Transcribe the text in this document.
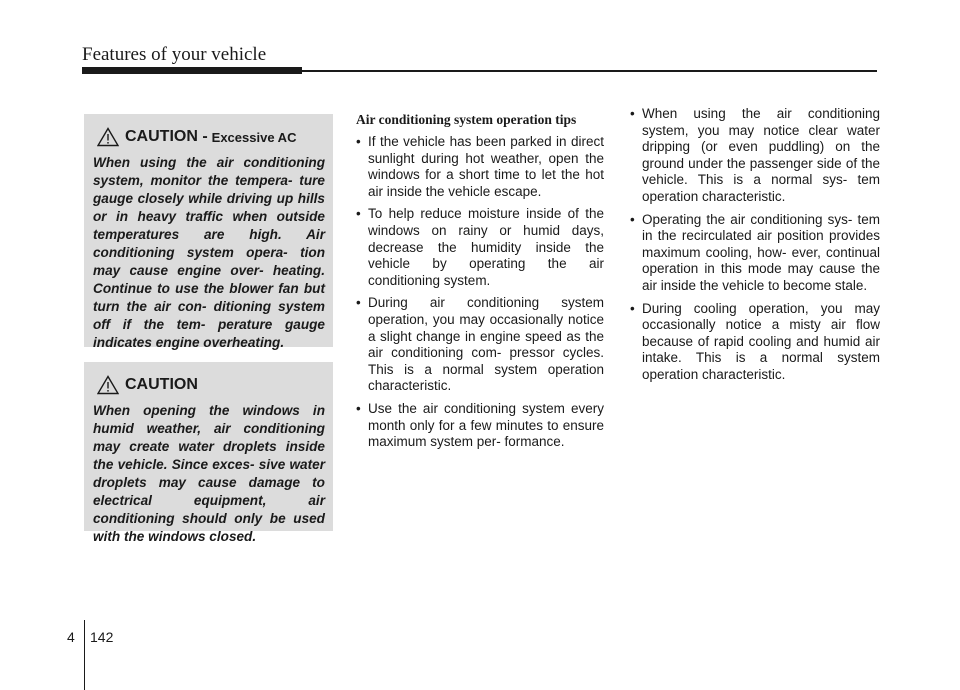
Features of your vehicle
CAUTION - Excessive AC

When using the air conditioning system, monitor the tempera- ture gauge closely while driving up hills or in heavy traffic when outside temperatures are high. Air conditioning system opera- tion may cause engine over- heating. Continue to use the blower fan but turn the air con- ditioning system off if the tem- perature gauge indicates engine overheating.

CAUTION

When opening the windows in humid weather, air conditioning may create water droplets inside the vehicle. Since exces- sive water droplets may cause damage to electrical equipment, air conditioning should only be used with the windows closed.

Air conditioning system operation tips
• If the vehicle has been parked in direct sunlight during hot weather, open the windows for a short time to let the hot air inside the vehicle escape.
• To help reduce moisture inside of the windows on rainy or humid days, decrease the humidity inside the vehicle by operating the air conditioning system.
• During air conditioning system operation, you may occasionally notice a slight change in engine speed as the air conditioning com- pressor cycles. This is a normal system operation characteristic.
• Use the air conditioning system every month only for a few minutes to ensure maximum system per- formance.
• When using the air conditioning system, you may notice clear water dripping (or even puddling) on the ground under the passenger side of the vehicle. This is a normal sys- tem operation characteristic.
• Operating the air conditioning sys- tem in the recirculated air position provides maximum cooling, how- ever, continual operation in this mode may cause the air inside the vehicle to become stale.
• During cooling operation, you may occasionally notice a misty air flow because of rapid cooling and humid air intake. This is a normal system operation characteristic.
4 142
